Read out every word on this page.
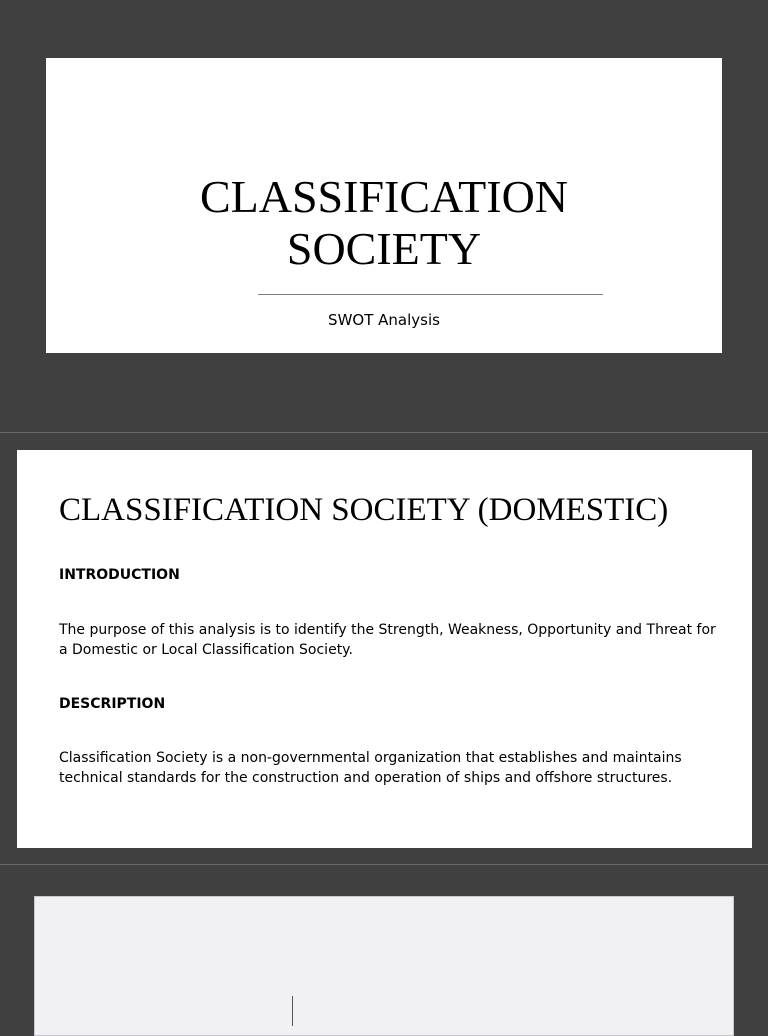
CLASSIFICATION
SOCIETY
SWOT Analysis
CLASSIFICATION SOCIETY (DOMESTIC)
INTRODUCTION
The purpose of this analysis is to identify the Strength, Weakness, Opportunity and Threat for a Domestic or Local Classification Society.
DESCRIPTION
Classification Society is a non-governmental organization that establishes and maintains technical standards for the construction and operation of ships and offshore structures.
